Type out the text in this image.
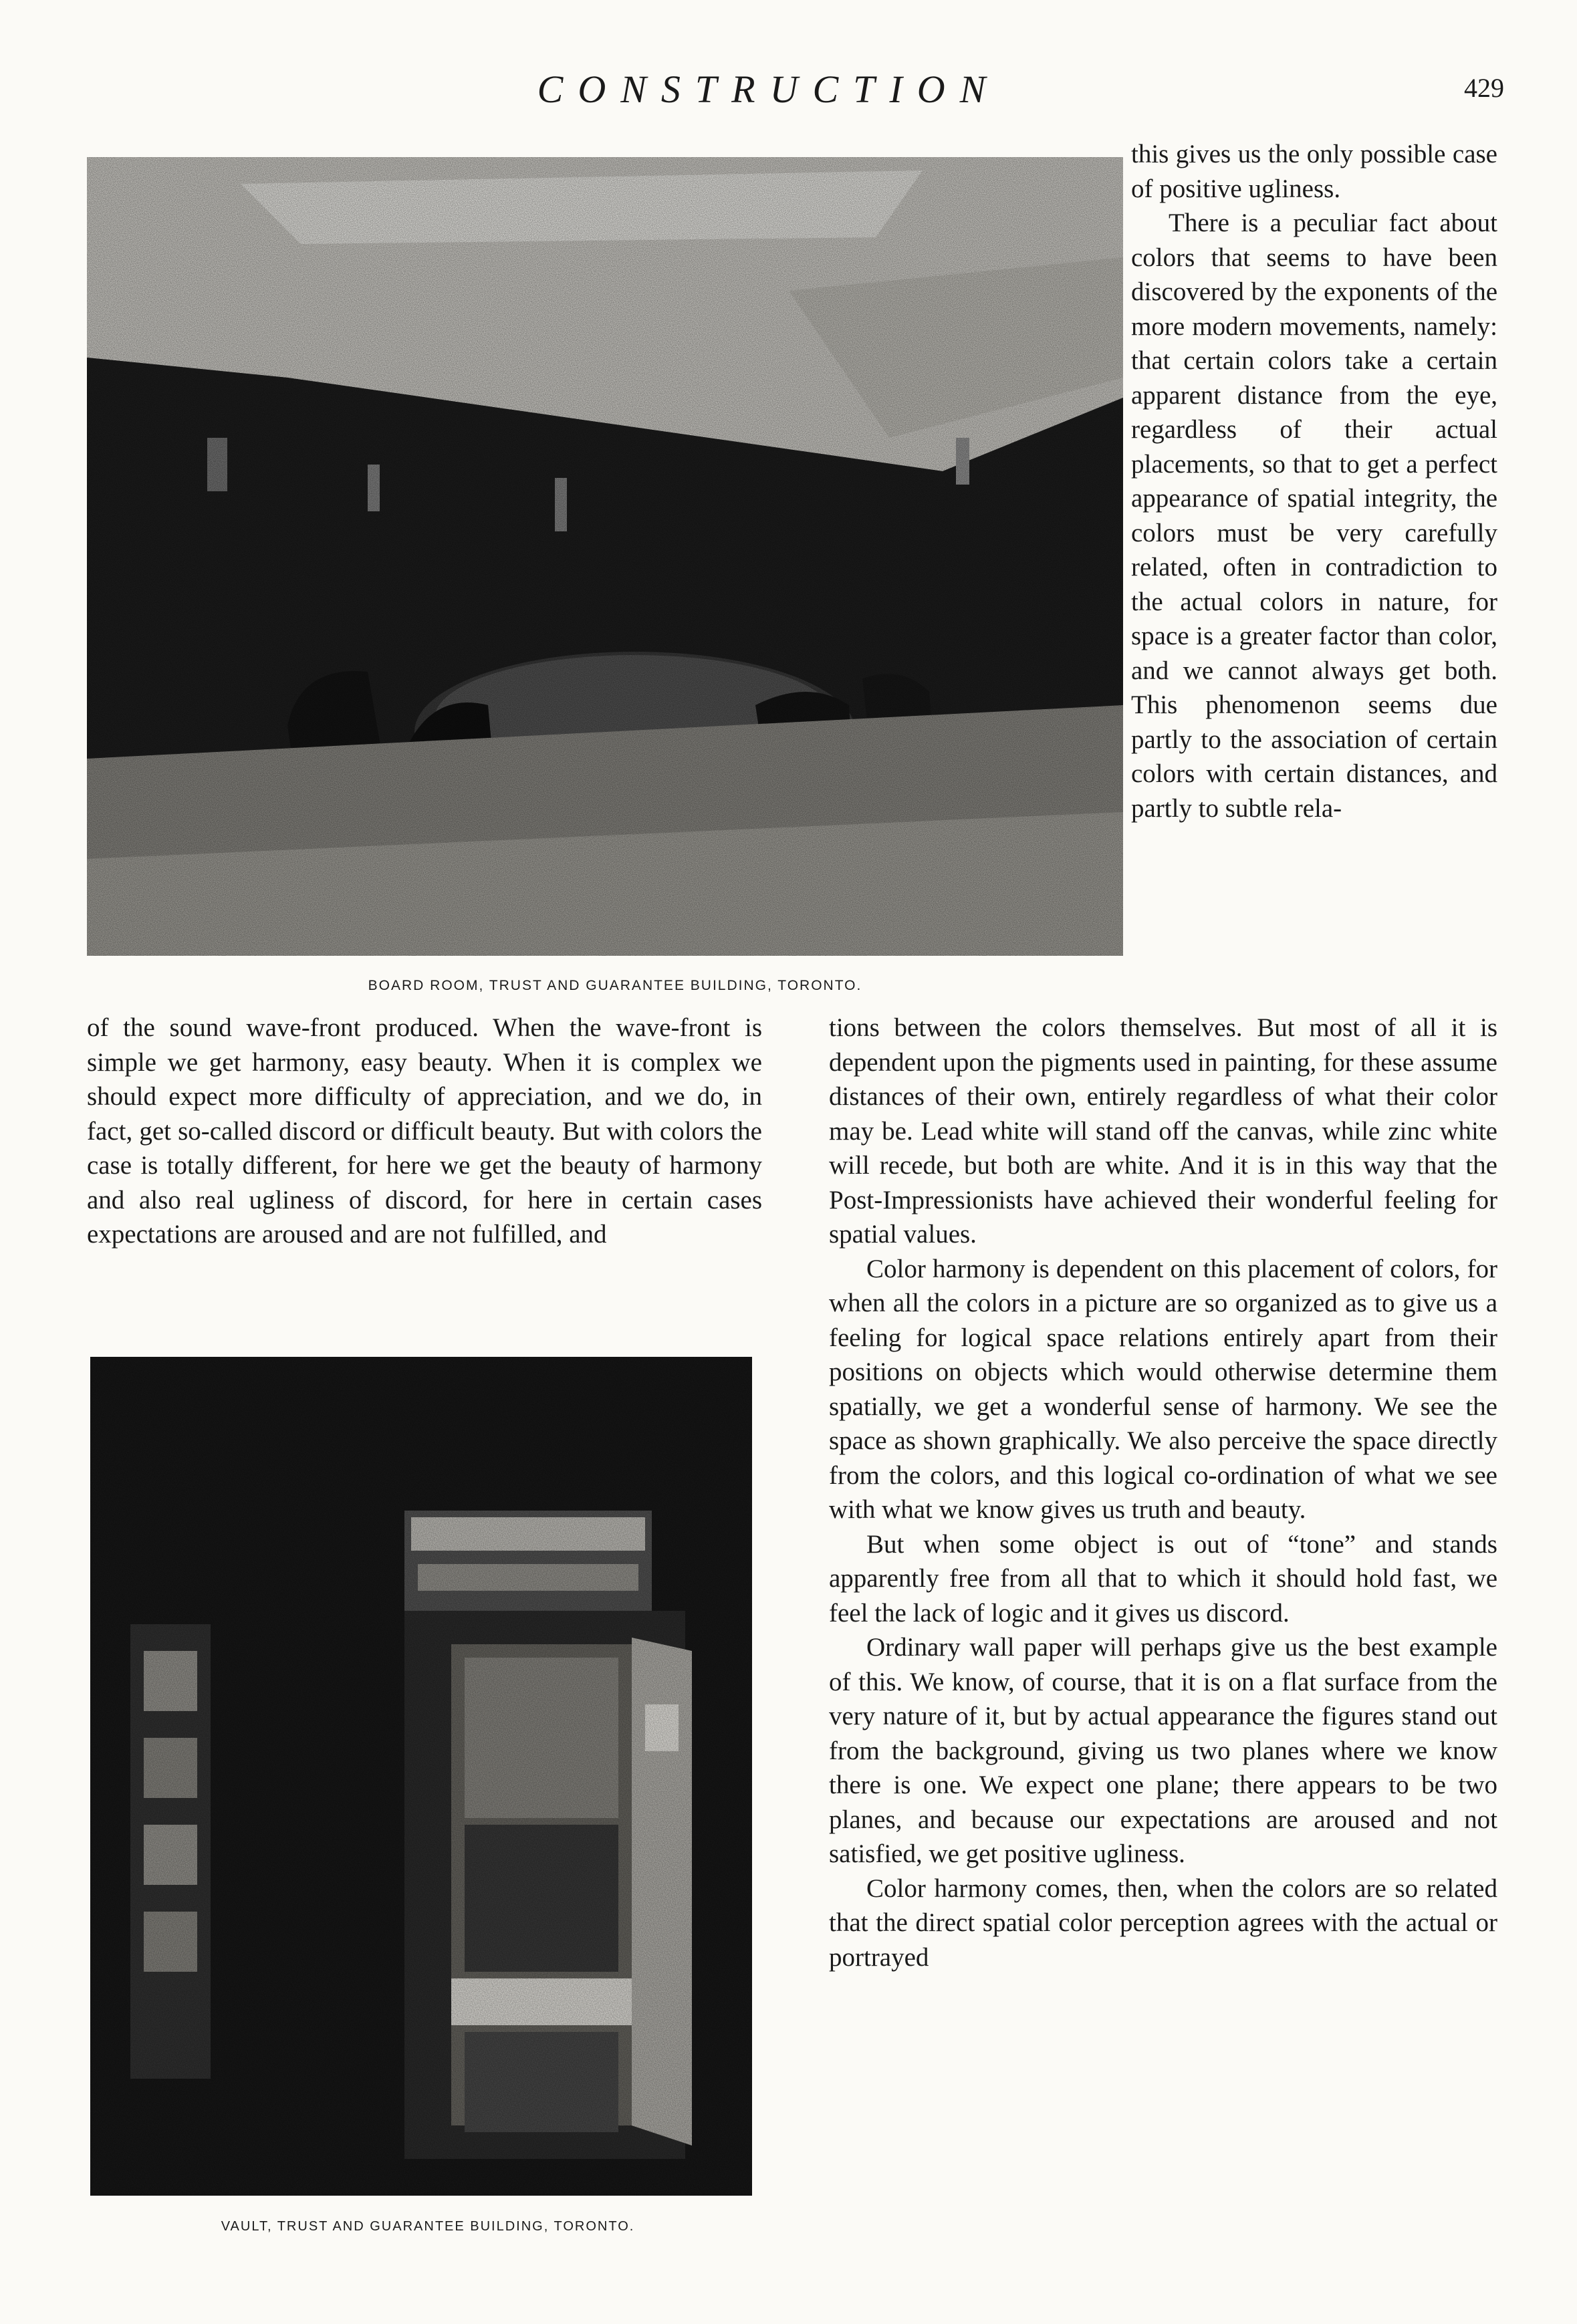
CONSTRUCTION	429
BOARD ROOM, TRUST AND GUARANTEE BUILDING, TORONTO.

this gives us the only possible case of positive ugliness.

There is a peculiar fact about colors that seems to have been discovered by the exponents of the more modern movements, namely: that certain colors take a certain apparent distance from the eye, regardless of their actual placements, so that to get a perfect appearance of spatial integrity, the colors must be very carefully related, often in contradiction to the actual colors in nature, for space is a greater factor than color, and we cannot always get both. This phenomenon seems due partly to the association of certain colors with certain distances, and partly to subtle rela-

of the sound wave-front produced. When the wave-front is simple we get harmony, easy beauty. When it is complex we should expect more difficulty of appreciation, and we do, in fact, get so-called discord or difficult beauty. But with colors the case is totally different, for here we get the beauty of harmony and also real ugliness of discord, for here in certain cases expectations are aroused and are not fulfilled, and

VAULT, TRUST AND GUARANTEE BUILDING, TORONTO.

tions between the colors themselves. But most of all it is dependent upon the pigments used in painting, for these assume distances of their own, entirely regardless of what their color may be. Lead white will stand off the canvas, while zinc white will recede, but both are white. And it is in this way that the Post-Impressionists have achieved their wonderful feeling for spatial values.

Color harmony is dependent on this placement of colors, for when all the colors in a picture are so organized as to give us a feeling for logical space relations entirely apart from their positions on objects which would otherwise determine them spatially, we get a wonderful sense of harmony. We see the space as shown graphically. We also perceive the space directly from the colors, and this logical co-ordination of what we see with what we know gives us truth and beauty.

But when some object is out of “tone” and stands apparently free from all that to which it should hold fast, we feel the lack of logic and it gives us discord.

Ordinary wall paper will perhaps give us the best example of this. We know, of course, that it is on a flat surface from the very nature of it, but by actual appearance the figures stand out from the background, giving us two planes where we know there is one. We expect one plane; there appears to be two planes, and because our expectations are aroused and not satisfied, we get positive ugliness.

Color harmony comes, then, when the colors are so related that the direct spatial color perception agrees with the actual or portrayed
